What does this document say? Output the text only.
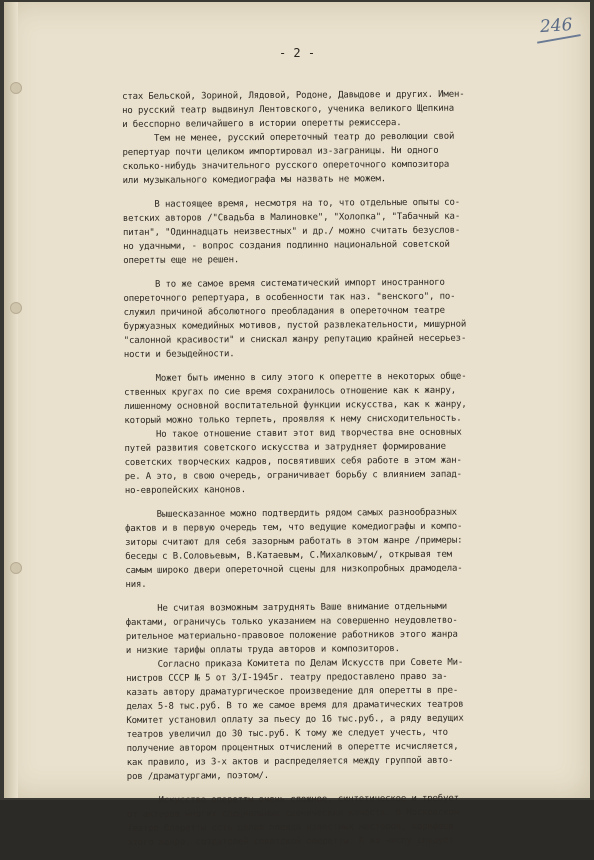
246
- 2 -
стах Бельской, Зориной, Лядовой, Родоне, Давыдове и других. Имен-
но русский театр выдвинул Лентовского, ученика великого Щепкина
и бесспорно величайшего в истории оперетты режиссера.
Тем не менее, русский опереточный театр до революции свой
репертуар почти целиком импортировал из-заграницы. Ни одного
сколько-нибудь значительного русского опереточного композитора
или музыкального комедиографа мы назвать не можем.
В настоящее время, несмотря на то, что отдельные опыты со-
ветских авторов /"Свадьба в Малиновке", "Холопка", "Табачный ка-
питан", "Одиннадцать неизвестных" и др./ можно считать безуслов-
но удачными, - вопрос создания подлинно национальной советской
оперетты еще не решен.
В то же самое время систематический импорт иностранного
опереточного репертуара, в особенности так наз. "венского", по-
служил причиной абсолютного преобладания в опереточном театре
буржуазных комедийных мотивов, пустой развлекательности, мишурной
"салонной красивости" и снискал жанру репутацию крайней несерьез-
ности и безыдейности.
Может быть именно в силу этого к оперетте в некоторых обще-
ственных кругах по сие время сохранилось отношение как к жанру,
лишенному основной воспитательной функции искусства, как к жанру,
который можно только терпеть, проявляя к нему снисходительность.
Но такое отношение ставит этот вид творчества вне основных
путей развития советского искусства и затрудняет формирование
советских творческих кадров, посвятивших себя работе в этом жан-
ре. А это, в свою очередь, ограничивает борьбу с влиянием запад-
но-европейских канонов.
Вышесказанное можно подтвердить рядом самых разнообразных
фактов и в первую очередь тем, что ведущие комедиографы и компо-
зиторы считают для себя зазорным работать в этом жанре /примеры:
беседы с В.Соловьевым, В.Катаевым, С.Михалковым/, открывая тем
самым широко двери опереточной сцены для низкопробных драмодела-
ния.
Не считая возможным затруднять Ваше внимание отдельными
фактами, ограничусь только указанием на совершенно неудовлетво-
рительное материально-правовое положение работников этого жанра
и низкие тарифы оплаты труда авторов и композиторов.
Согласно приказа Комитета по Делам Искусств при Совете Ми-
нистров СССР № 5 от 3/I-1945г. театру предоставлено право за-
казать автору драматургическое произведение для оперетты в пре-
делах 5-8 тыс.руб. В то же самое время для драматических театров
Комитет установил оплату за пьесу до 16 тыс.руб., а ряду ведущих
театров увеличил до 30 тыс.руб. К тому же следует учесть, что
получение автором процентных отчислений в оперетте исчисляется,
как правило, из 3-х актов и распределяется между группой авто-
ров /драматургами, поэтом/.
Искусство оперетты очень сложное, синтетическое и требует
от актеров многих специальных сценических качеств. В Московском
Театре Оперетты есть целая плеяда известных мастеров, корифеев
этого жанра, создателей советской оперетты. К их числу следует
